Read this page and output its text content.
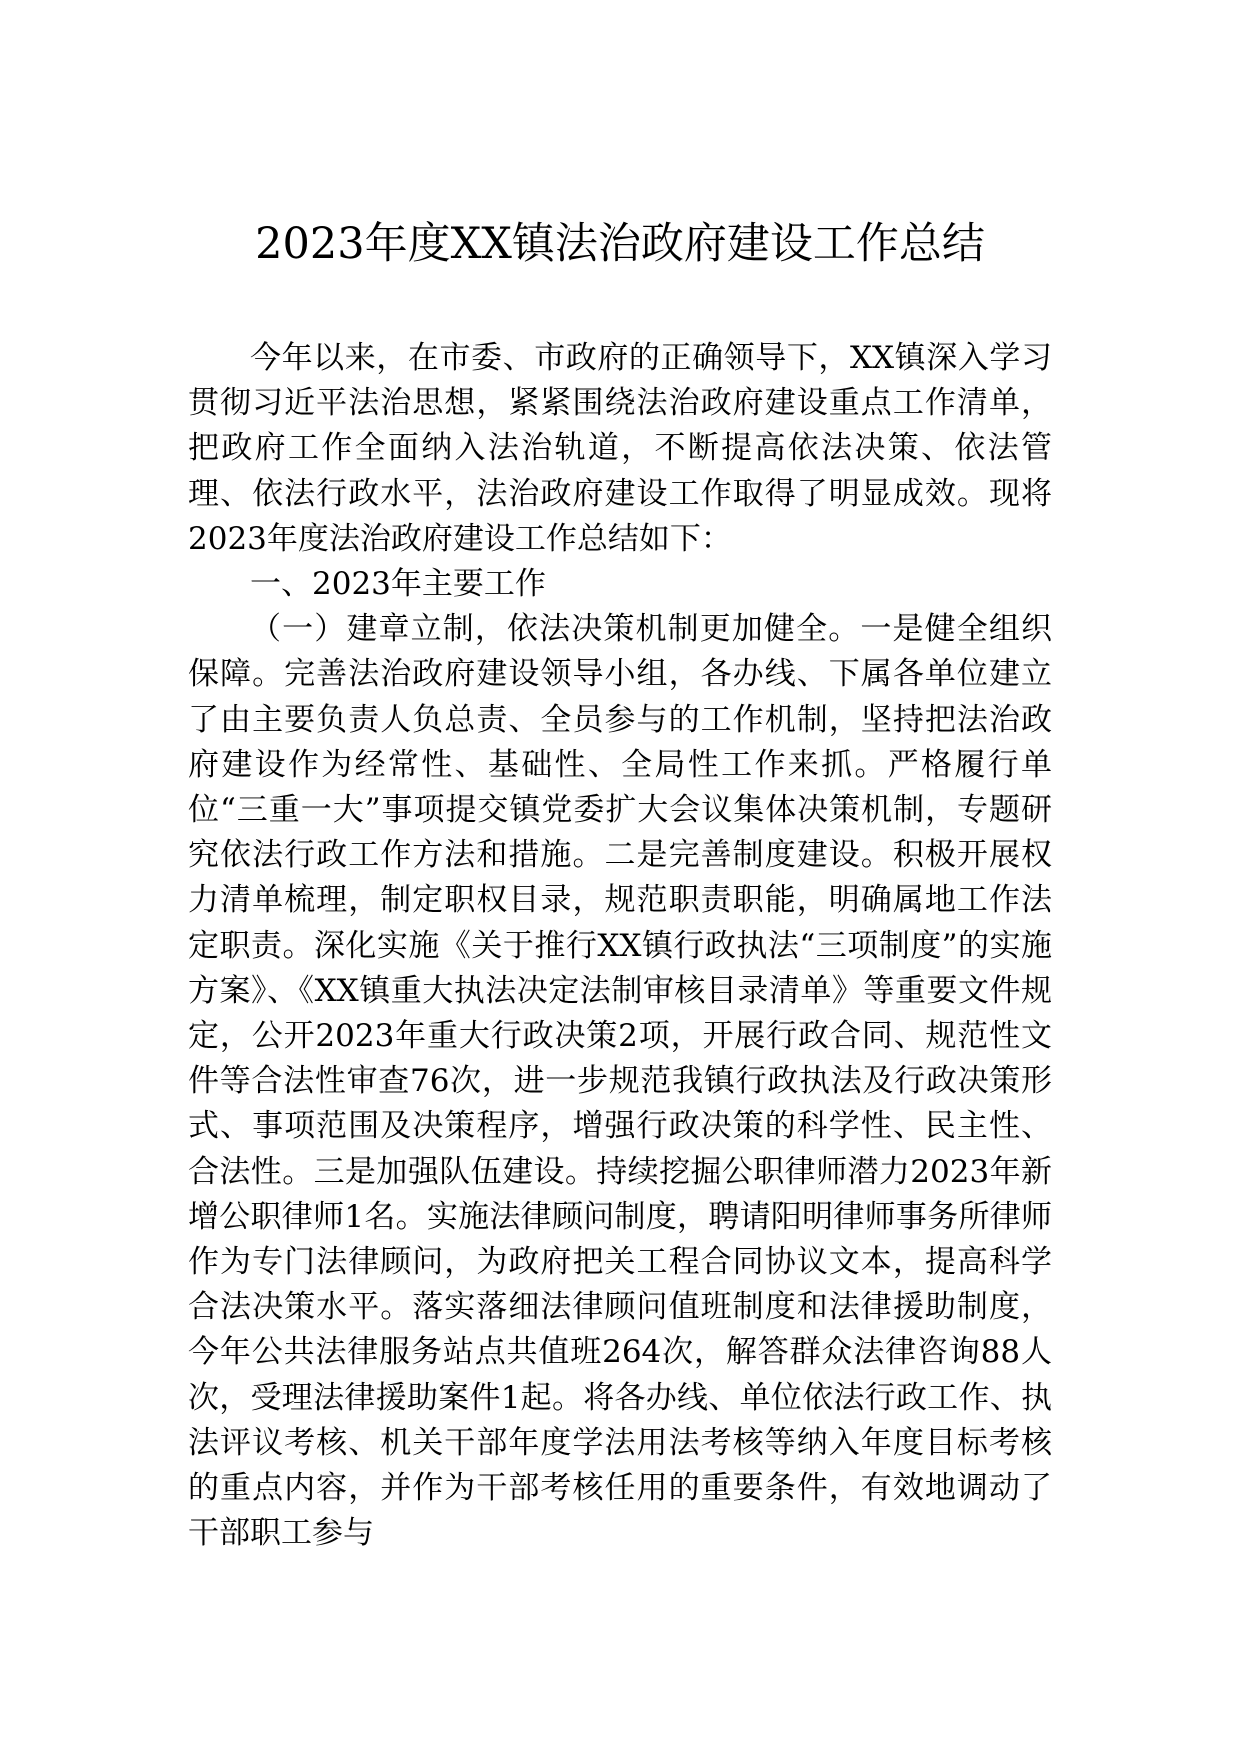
2023年度XX镇法治政府建设工作总结

今年以来，在市委、市政府的正确领导下，XX镇深入学习贯彻习近平法治思想，紧紧围绕法治政府建设重点工作清单，把政府工作全面纳入法治轨道，不断提高依法决策、依法管理、依法行政水平，法治政府建设工作取得了明显成效。现将2023年度法治政府建设工作总结如下：

一、2023年主要工作

（一）建章立制，依法决策机制更加健全。一是健全组织保障。完善法治政府建设领导小组，各办线、下属各单位建立了由主要负责人负总责、全员参与的工作机制，坚持把法治政府建设作为经常性、基础性、全局性工作来抓。严格履行单位“三重一大”事项提交镇党委扩大会议集体决策机制，专题研究依法行政工作方法和措施。二是完善制度建设。积极开展权力清单梳理，制定职权目录，规范职责职能，明确属地工作法定职责。深化实施《关于推行XX镇行政执法“三项制度”的实施方案》、《XX镇重大执法决定法制审核目录清单》等重要文件规定，公开2023年重大行政决策2项，开展行政合同、规范性文件等合法性审查76次，进一步规范我镇行政执法及行政决策形式、事项范围及决策程序，增强行政决策的科学性、民主性、合法性。三是加强队伍建设。持续挖掘公职律师潜力2023年新增公职律师1名。实施法律顾问制度，聘请阳明律师事务所律师作为专门法律顾问，为政府把关工程合同协议文本，提高科学合法决策水平。落实落细法律顾问值班制度和法律援助制度，今年公共法律服务站点共值班264次，解答群众法律咨询88人次，受理法律援助案件1起。将各办线、单位依法行政工作、执法评议考核、机关干部年度学法用法考核等纳入年度目标考核的重点内容，并作为干部考核任用的重要条件，有效地调动了干部职工参与
